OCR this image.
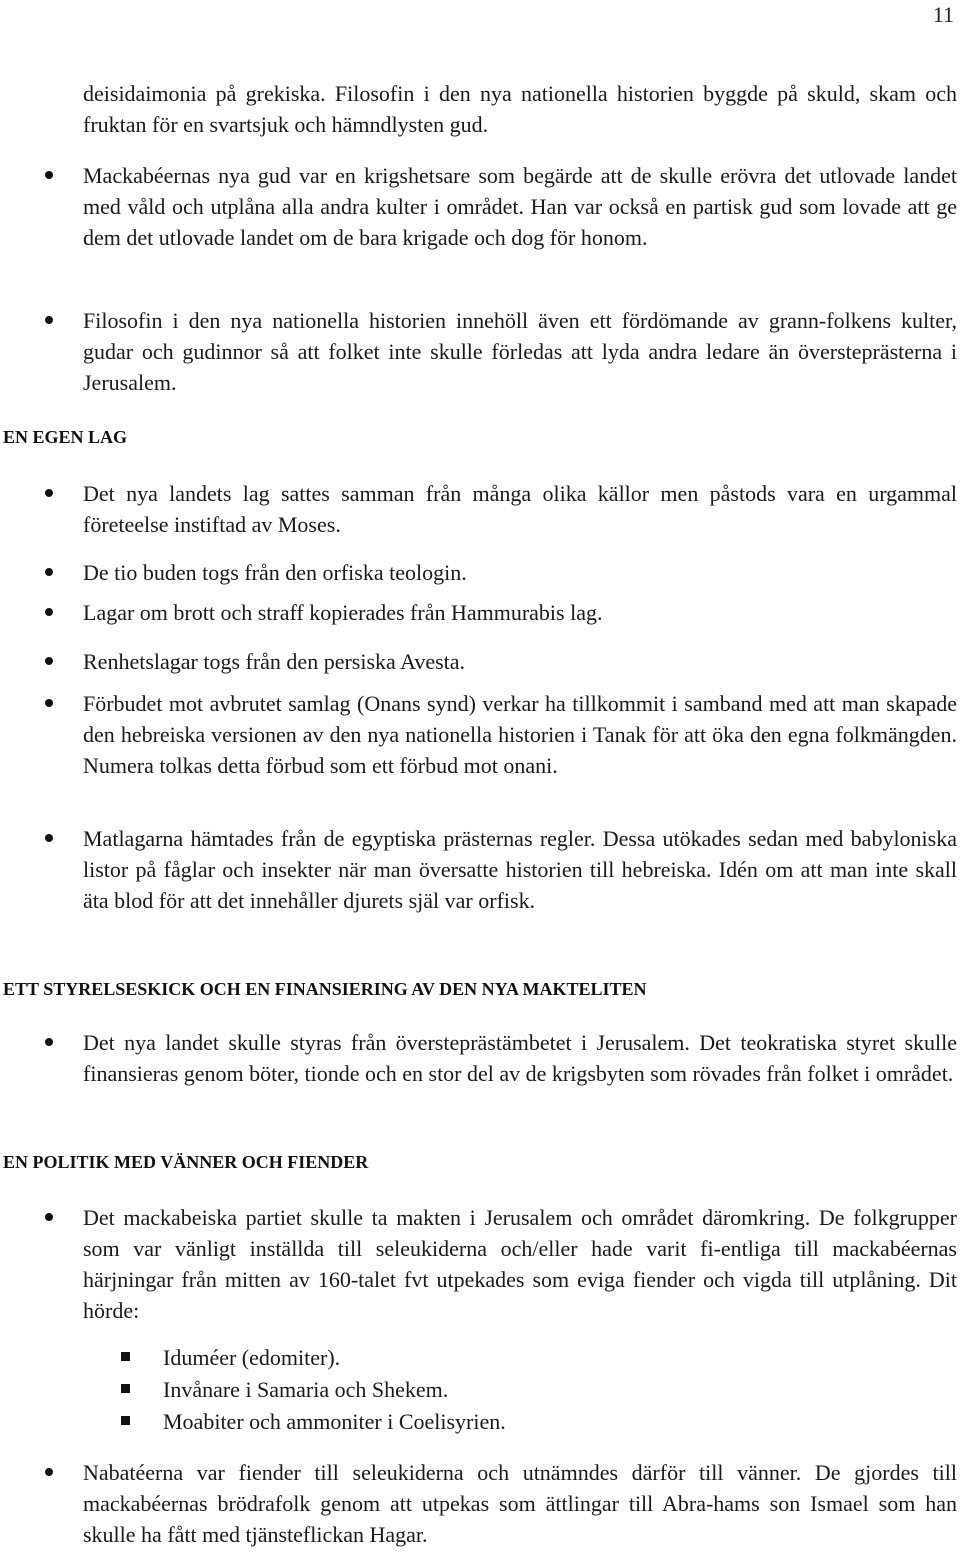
11

deisidaimonia på grekiska. Filosofin i den nya nationella historien byggde på skuld, skam och fruktan för en svartsjuk och hämndlysten gud.

Mackabéernas nya gud var en krigshetsare som begärde att de skulle erövra det utlovade landet med våld och utplåna alla andra kulter i området. Han var också en partisk gud som lovade att ge dem det utlovade landet om de bara krigade och dog för honom.
Filosofin i den nya nationella historien innehöll även ett fördömande av grann-folkens kulter, gudar och gudinnor så att folket inte skulle förledas att lyda andra ledare än översteprästerna i Jerusalem.
EN EGEN LAG
Det nya landets lag sattes samman från många olika källor men påstods vara en urgammal företeelse instiftad av Moses.
De tio buden togs från den orfiska teologin.
Lagar om brott och straff kopierades från Hammurabis lag.
Renhetslagar togs från den persiska Avesta.
Förbudet mot avbrutet samlag (Onans synd) verkar ha tillkommit i samband med att man skapade den hebreiska versionen av den nya nationella historien i Tanak för att öka den egna folkmängden. Numera tolkas detta förbud som ett förbud mot onani.
Matlagarna hämtades från de egyptiska prästernas regler. Dessa utökades sedan med babyloniska listor på fåglar och insekter när man översatte historien till hebreiska. Idén om att man inte skall äta blod för att det innehåller djurets själ var orfisk.
ETT STYRELSESKICK OCH EN FINANSIERING AV DEN NYA MAKTELITEN
Det nya landet skulle styras från översteprästämbetet i Jerusalem. Det teokratiska styret skulle finansieras genom böter, tionde och en stor del av de krigsbyten som rövades från folket i området.
EN POLITIK MED VÄNNER OCH FIENDER
Det mackabeiska partiet skulle ta makten i Jerusalem och området däromkring. De folkgrupper som var vänligt inställda till seleukiderna och/eller hade varit fi-entliga till mackabéernas härjningar från mitten av 160-talet fvt utpekades som eviga fiender och vigda till utplåning. Dit hörde:
Iduméer (edomiter).
Invånare i Samaria och Shekem.
Moabiter och ammoniter i Coelisyrien.
Nabatéerna var fiender till seleukiderna och utnämndes därför till vänner. De gjordes till mackabéernas brödrafolk genom att utpekas som ättlingar till Abra-hams son Ismael som han skulle ha fått med tjänsteflickan Hagar.
